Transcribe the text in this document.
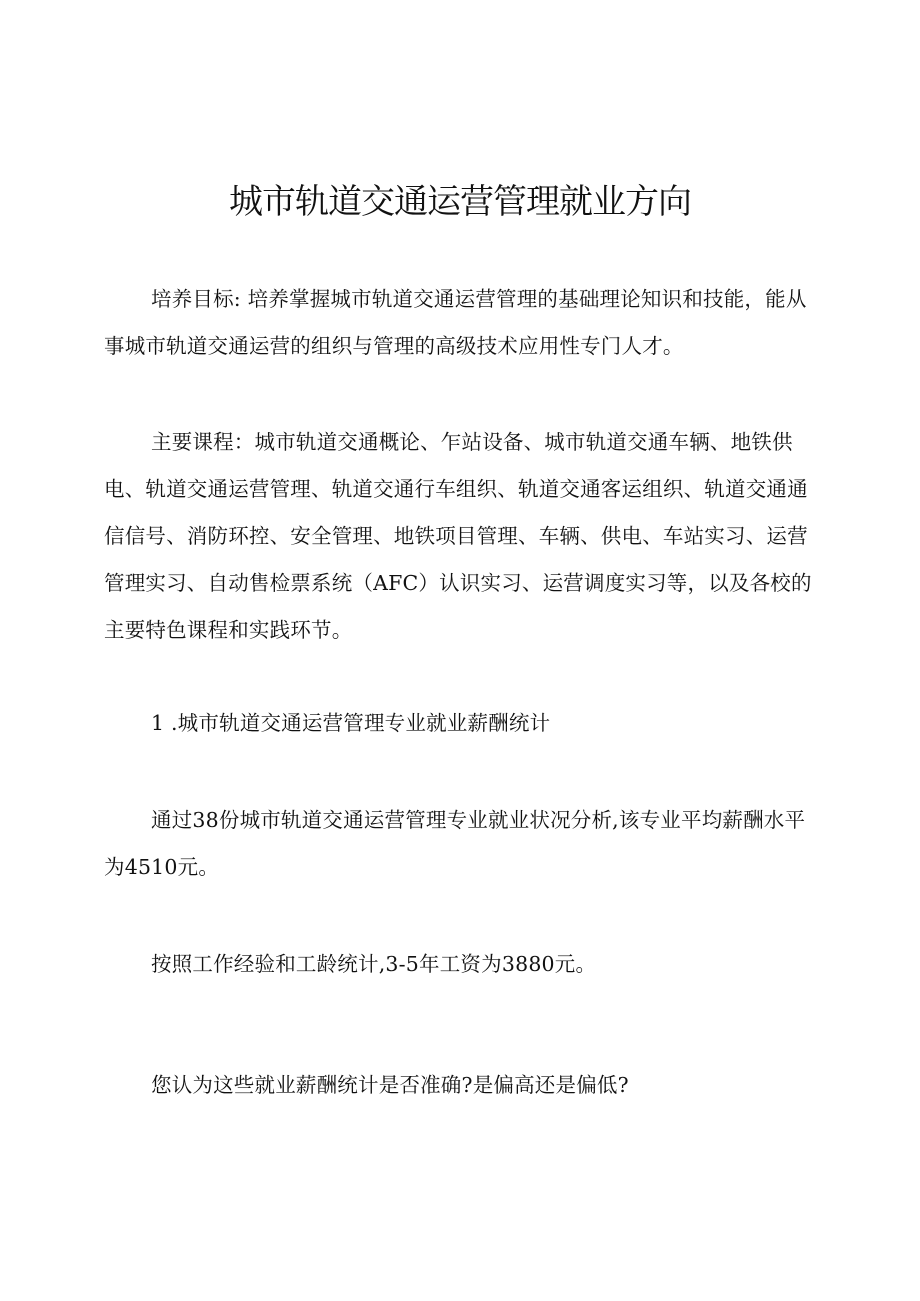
城市轨道交通运营管理就业方向

培养目标: 培养掌握城市轨道交通运营管理的基础理论知识和技能，能从事城市轨道交通运营的组织与管理的高级技术应用性专门人才。

主要课程：城市轨道交通概论、乍站设备、城市轨道交通车辆、地铁供电、轨道交通运营管理、轨道交通行车组织、轨道交通客运组织、轨道交通通信信号、消防环控、安全管理、地铁项目管理、车辆、供电、车站实习、运营管理实习、自动售检票系统（AFC）认识实习、运营调度实习等，以及各校的主要特色课程和实践环节。

1 .城市轨道交通运营管理专业就业薪酬统计

通过38份城市轨道交通运营管理专业就业状况分析,该专业平均薪酬水平为4510元。

按照工作经验和工龄统计,3-5年工资为3880元。

您认为这些就业薪酬统计是否准确?是偏高还是偏低?
